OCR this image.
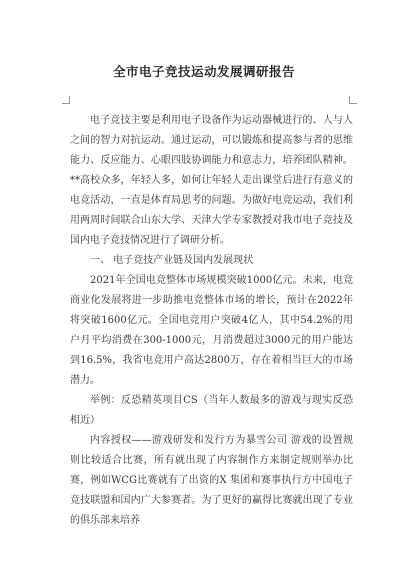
全市电子竞技运动发展调研报告

电子竞技主要是利用电子设备作为运动器械进行的、人与人之间的智力对抗运动。通过运动，可以锻炼和提高参与者的思维能力、反应能力、心眼四肢协调能力和意志力，培养团队精神。**高校众多，年轻人多，如何让年轻人走出课堂后进行有意义的电竞活动，一直是体育局思考的问题。为做好电竞运动，我们利用两周时间联合山东大学、天津大学专家教授对我市电子竞技及国内电子竞技情况进行了调研分析。

一、 电子竞技产业链及国内发展现状

2021年全国电竞整体市场规模突破1000亿元。未来，电竞商业化发展将进一步助推电竞整体市场的增长，预计在2022年将突破1600亿元。全国电竞用户突破4亿人，其中54.2%的用户月平均消费在300-1000元，月消费超过3000元的用户能达到16.5%，我省电竞用户高达2800万，存在着相当巨大的市场潜力。

举例：反恐精英项目CS（当年人数最多的游戏与现实反恐相近）

内容授权——游戏研发和发行方为暴雪公司 游戏的设置规则比较适合比赛，所有就出现了内容制作方来制定规则举办比赛，例如WCG比赛就有了出资的X 集团和赛事执行方中国电子竞技联盟和国内广大参赛者。为了更好的赢得比赛就出现了专业的俱乐部来培养
